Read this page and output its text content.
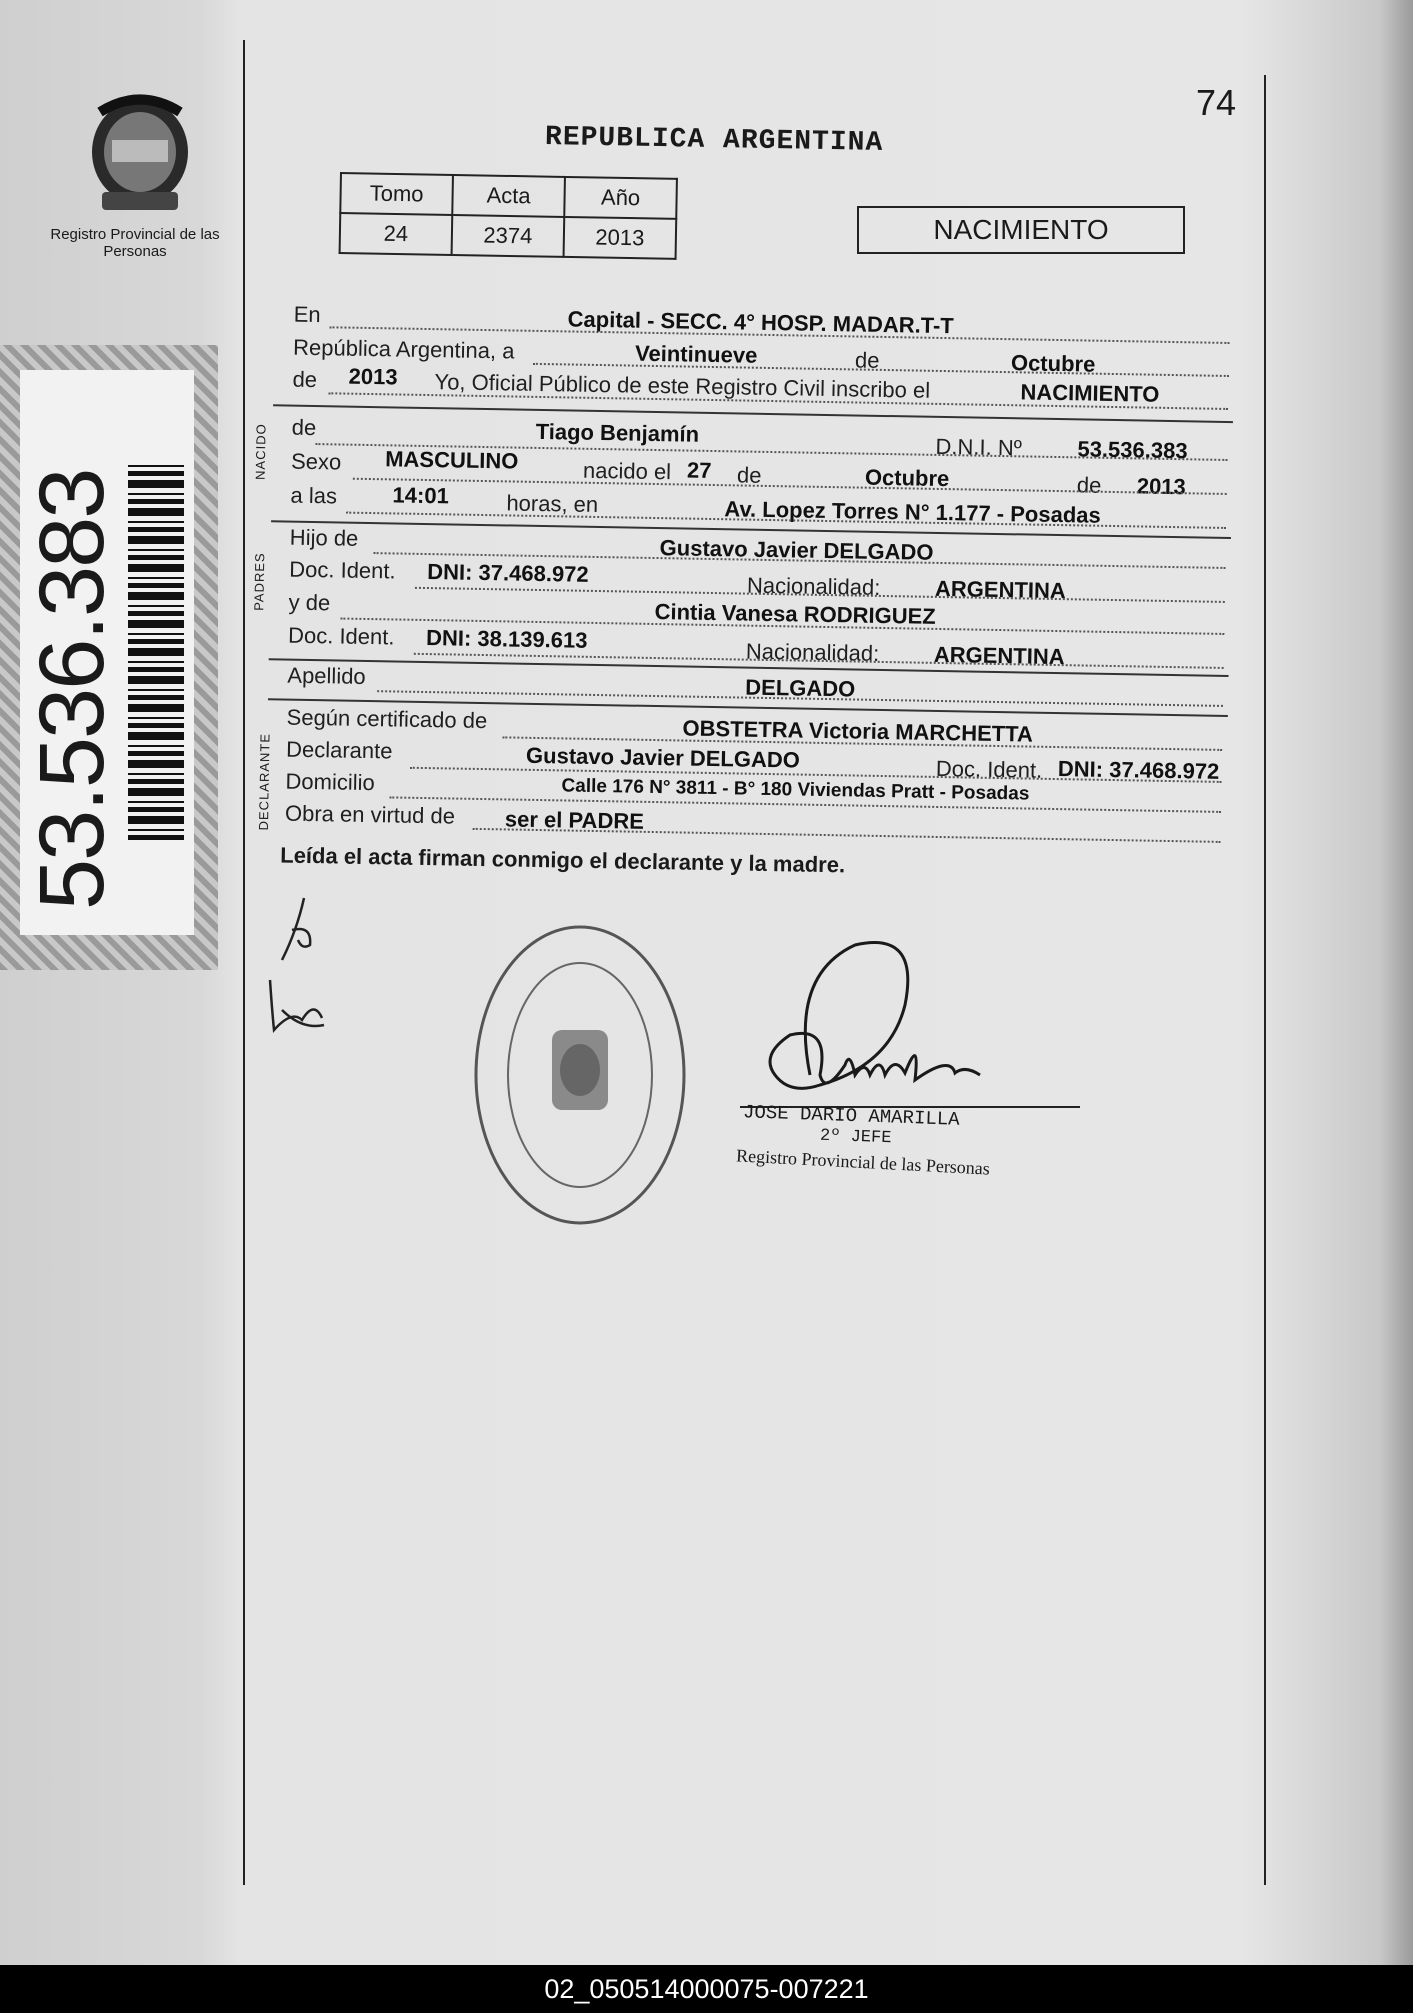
Registro Provincial de las Personas
53.536.383
74
REPUBLICA ARGENTINA
Tomo	Acta	Año
24	2374	2013	NACIMIENTO
En	Capital - SECC. 4° HOSP. MADAR.T-T
República Argentina, a	Veintinueve	de	Octubre
de 2013 Yo, Oficial Público de este Registro Civil inscribo el	NACIMIENTO
NACIDO de	Tiago Benjamín
D.N.I. Nº	53.536.383
Sexo MASCULINO	nacido el 27 de	Octubre	de 2013
a las	14:01	horas, en	Av. Lopez Torres N° 1.177 - Posadas
PADRES
Hijo de	Gustavo Javier DELGADO
Doc. Ident. DNI: 37.468.972	Nacionalidad: ARGENTINA
y de	Cintia Vanesa RODRIGUEZ
Doc. Ident. DNI: 38.139.613	Nacionalidad: ARGENTINA
Apellido	DELGADO
DECLARANTE
Según certificado de	OBSTETRA Victoria MARCHETTA
Declarante	Gustavo Javier DELGADO	Doc. Ident. DNI: 37.468.972
Domicilio	Calle 176 N° 3811 - B° 180 Viviendas Pratt - Posadas
Obra en virtud de ser el PADRE
Leída el acta firman conmigo el declarante y la madre.
JOSE DARIO AMARILLA
2º JEFE
Registro Provincial de las Personas
02_050514000075-007221
